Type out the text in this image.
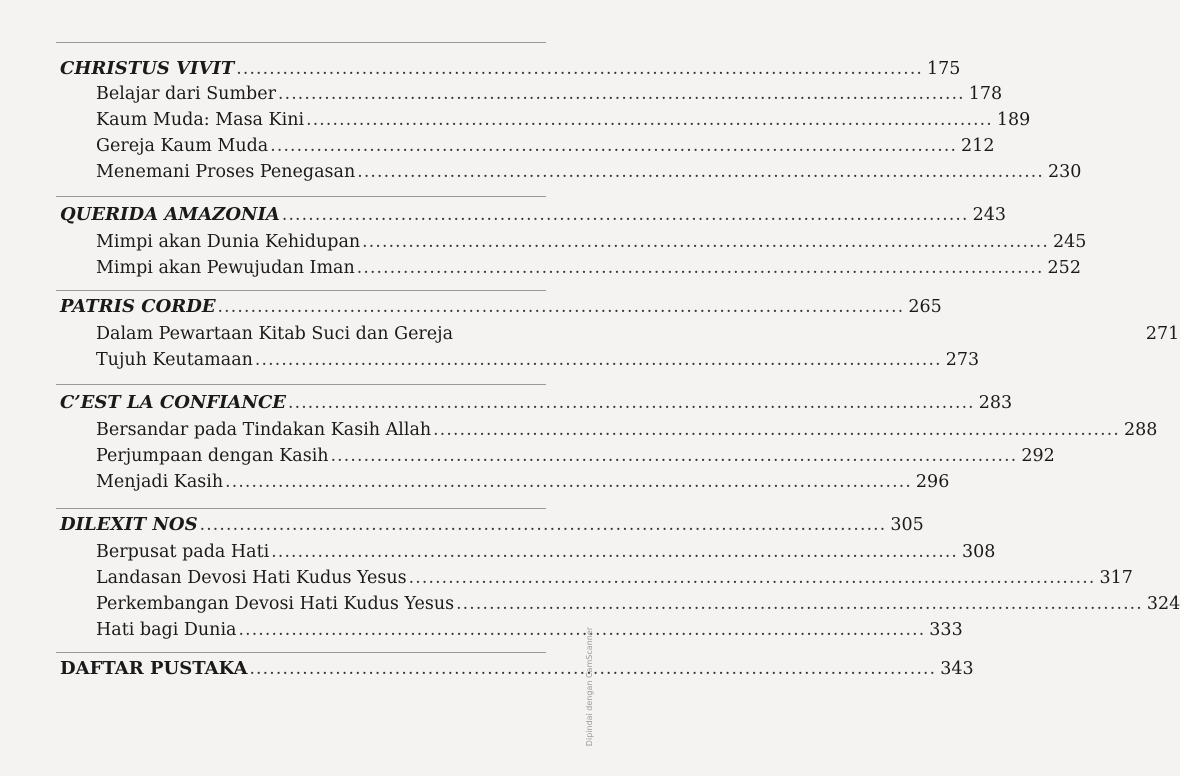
CHRISTUS VIVIT ........................................................................................................ 175
Belajar dari Sumber ........................................................................................................ 178
Kaum Muda: Masa Kini ........................................................................................................ 189
Gereja Kaum Muda ........................................................................................................ 212
Menemani Proses Penegasan ........................................................................................................ 230
QUERIDA AMAZONIA ........................................................................................................ 243
Mimpi akan Dunia Kehidupan ........................................................................................................ 245
Mimpi akan Pewujudan Iman ........................................................................................................ 252
PATRIS CORDE ........................................................................................................ 265
Dalam Pewartaan Kitab Suci dan Gereja	271
Tujuh Keutamaan ........................................................................................................ 273
C’EST LA CONFIANCE ........................................................................................................ 283
Bersandar pada Tindakan Kasih Allah ........................................................................................................ 288
Perjumpaan dengan Kasih ........................................................................................................ 292
Menjadi Kasih ........................................................................................................ 296
DILEXIT NOS ........................................................................................................ 305
Berpusat pada Hati ........................................................................................................ 308
Landasan Devosi Hati Kudus Yesus ........................................................................................................ 317
Perkembangan Devosi Hati Kudus Yesus ........................................................................................................ 324
Hati bagi Dunia ........................................................................................................ 333
DAFTAR PUSTAKA ........................................................................................................ 343
Dipindai dengan CamScanner
